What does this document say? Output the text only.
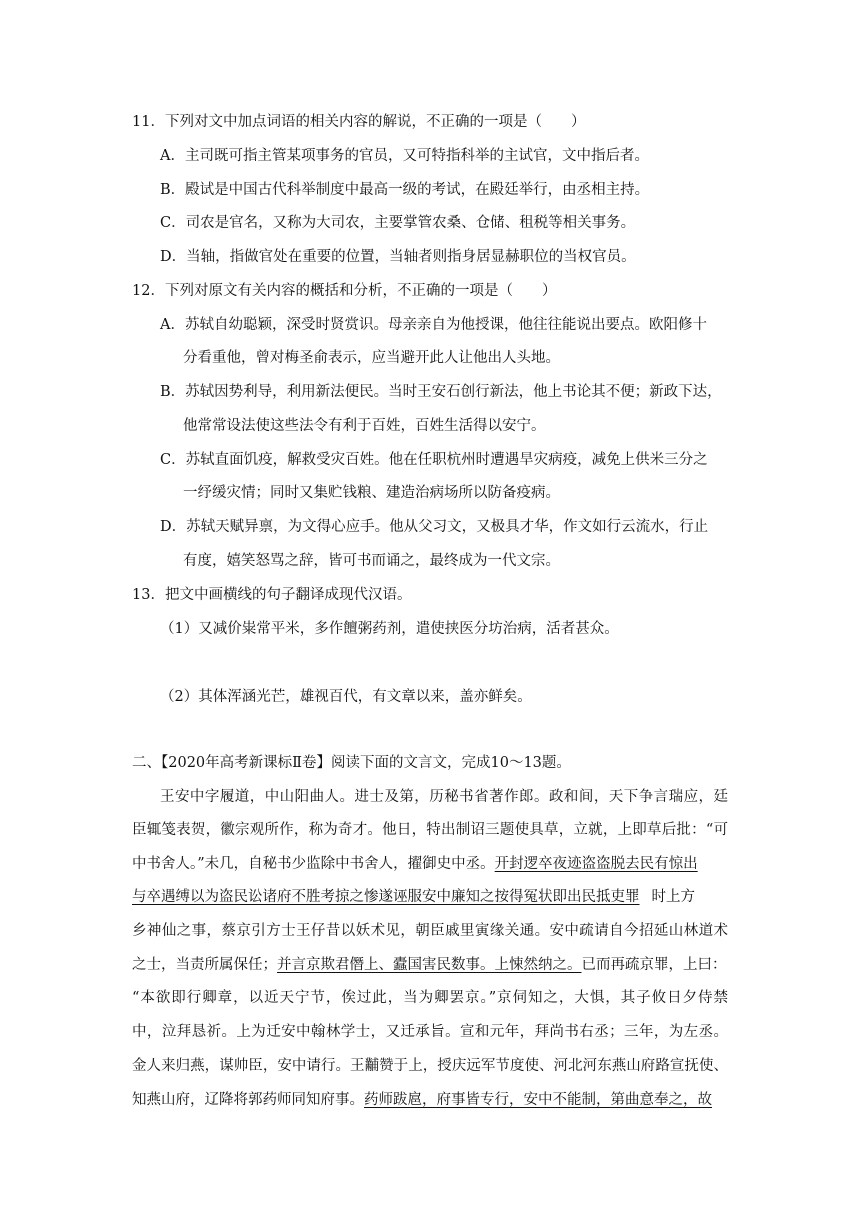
11．下列对文中加点词语的相关内容的解说，不正确的一项是（　　）
A．主司既可指主管某项事务的官员，又可特指科举的主试官，文中指后者。
B．殿试是中国古代科举制度中最高一级的考试，在殿廷举行，由丞相主持。
C．司农是官名，又称为大司农，主要掌管农桑、仓储、租税等相关事务。
D．当轴，指做官处在重要的位置，当轴者则指身居显赫职位的当权官员。
12．下列对原文有关内容的概括和分析，不正确的一项是（　　）
A．苏轼自幼聪颖，深受时贤赏识。母亲亲自为他授课，他往往能说出要点。欧阳修十
分看重他，曾对梅圣俞表示，应当避开此人让他出人头地。
B．苏轼因势利导，利用新法便民。当时王安石创行新法，他上书论其不便；新政下达，
他常常设法使这些法令有利于百姓，百姓生活得以安宁。
C．苏轼直面饥疫，解救受灾百姓。他在任职杭州时遭遇旱灾病疫，减免上供米三分之
一纾缓灾情；同时又集贮钱粮、建造治病场所以防备疫病。
D．苏轼天赋异禀，为文得心应手。他从父习文，又极具才华，作文如行云流水，行止
有度，嬉笑怒骂之辞，皆可书而诵之，最终成为一代文宗。
13．把文中画横线的句子翻译成现代汉语。
（1）又减价粜常平米，多作饘粥药剂，遣使挟医分坊治病，活者甚众。
（2）其体浑涵光芒，雄视百代，有文章以来，盖亦鲜矣。
二、【2020年高考新课标Ⅱ卷】阅读下面的文言文，完成10～13题。
王安中字履道，中山阳曲人。进士及第，历秘书省著作郎。政和间，天下争言瑞应，廷
臣辄笺表贺，徽宗观所作，称为奇才。他日，特出制诏三题使具草，立就，上即草后批：“可
中书舍人。”未几，自秘书少监除中书舍人，擢御史中丞。开封逻卒夜迹盗盗脱去民有惊出
与卒遇缚以为盗民讼诸府不胜考掠之惨遂诬服安中廉知之按得冤状即出民抵吏罪 时上方
乡神仙之事，蔡京引方士王仔昔以妖术见，朝臣戚里寅缘关通。安中疏请自今招延山林道术
之士，当责所属保任；并言京欺君僭上、蠹国害民数事。上悚然纳之。已而再疏京罪，上曰：
“本欲即行卿章，以近天宁节，俟过此，当为卿罢京。”京伺知之，大惧，其子攸日夕侍禁
中，泣拜恳祈。上为迁安中翰林学士，又迁承旨。宣和元年，拜尚书右丞；三年，为左丞。
金人来归燕，谋帅臣，安中请行。王黼赞于上，授庆远军节度使、河北河东燕山府路宣抚使、
知燕山府，辽降将郭药师同知府事。药师跋扈，府事皆专行，安中不能制，第曲意奉之，故
